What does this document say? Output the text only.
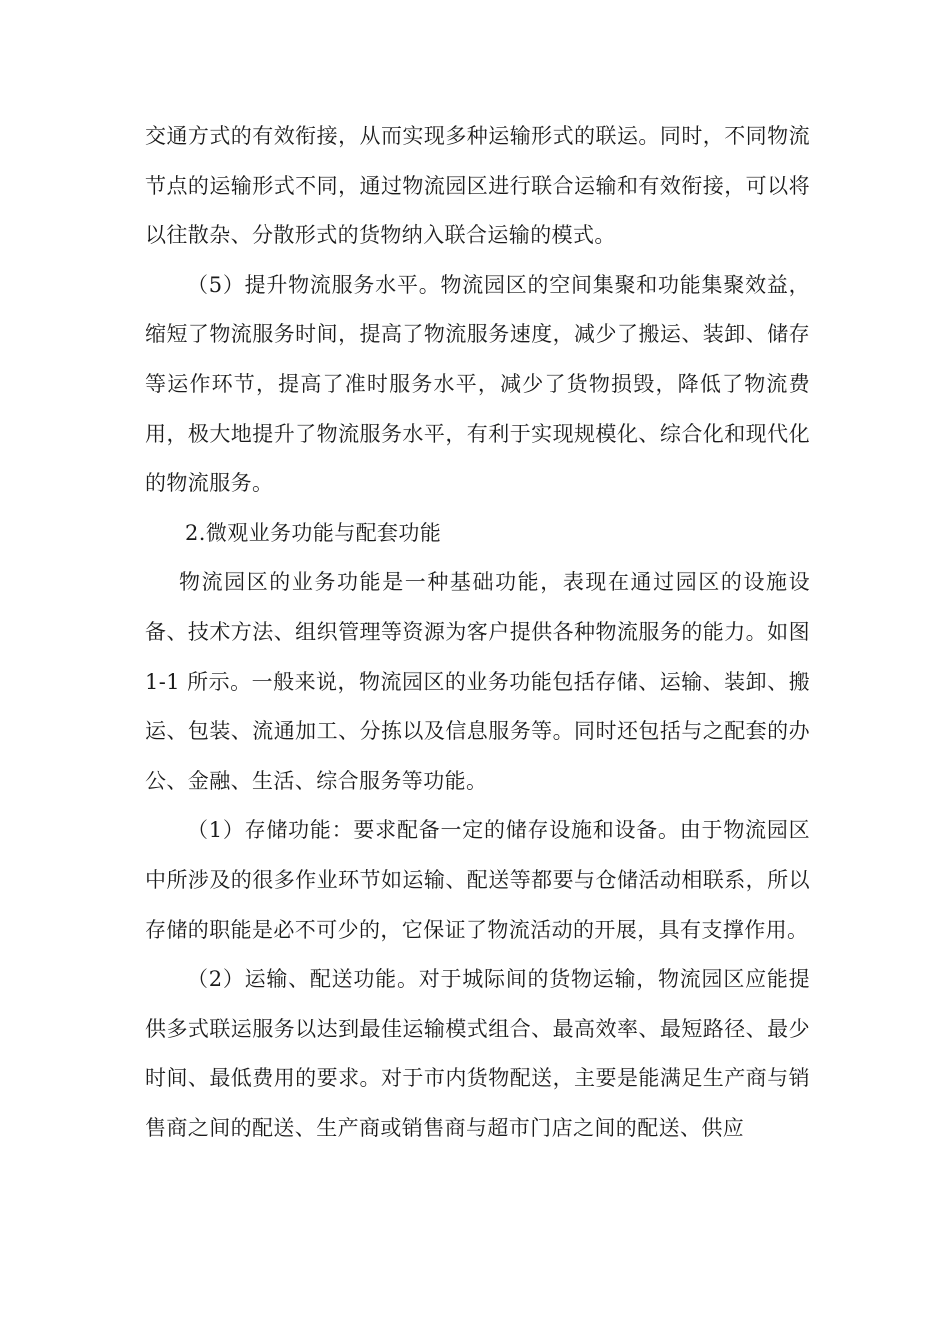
交通方式的有效衔接，从而实现多种运输形式的联运。同时，不同物流节点的运输形式不同，通过物流园区进行联合运输和有效衔接，可以将以往散杂、分散形式的货物纳入联合运输的模式。

（5）提升物流服务水平。物流园区的空间集聚和功能集聚效益，缩短了物流服务时间，提高了物流服务速度，减少了搬运、装卸、储存等运作环节，提高了准时服务水平，减少了货物损毁，降低了物流费用，极大地提升了物流服务水平，有利于实现规模化、综合化和现代化的物流服务。

2.微观业务功能与配套功能

物流园区的业务功能是一种基础功能，表现在通过园区的设施设备、技术方法、组织管理等资源为客户提供各种物流服务的能力。如图 1-1 所示。一般来说，物流园区的业务功能包括存储、运输、装卸、搬运、包装、流通加工、分拣以及信息服务等。同时还包括与之配套的办公、金融、生活、综合服务等功能。

（1）存储功能：要求配备一定的储存设施和设备。由于物流园区中所涉及的很多作业环节如运输、配送等都要与仓储活动相联系，所以存储的职能是必不可少的，它保证了物流活动的开展，具有支撑作用。

（2）运输、配送功能。对于城际间的货物运输，物流园区应能提供多式联运服务以达到最佳运输模式组合、最高效率、最短路径、最少时间、最低费用的要求。对于市内货物配送，主要是能满足生产商与销售商之间的配送、生产商或销售商与超市门店之间的配送、供应
